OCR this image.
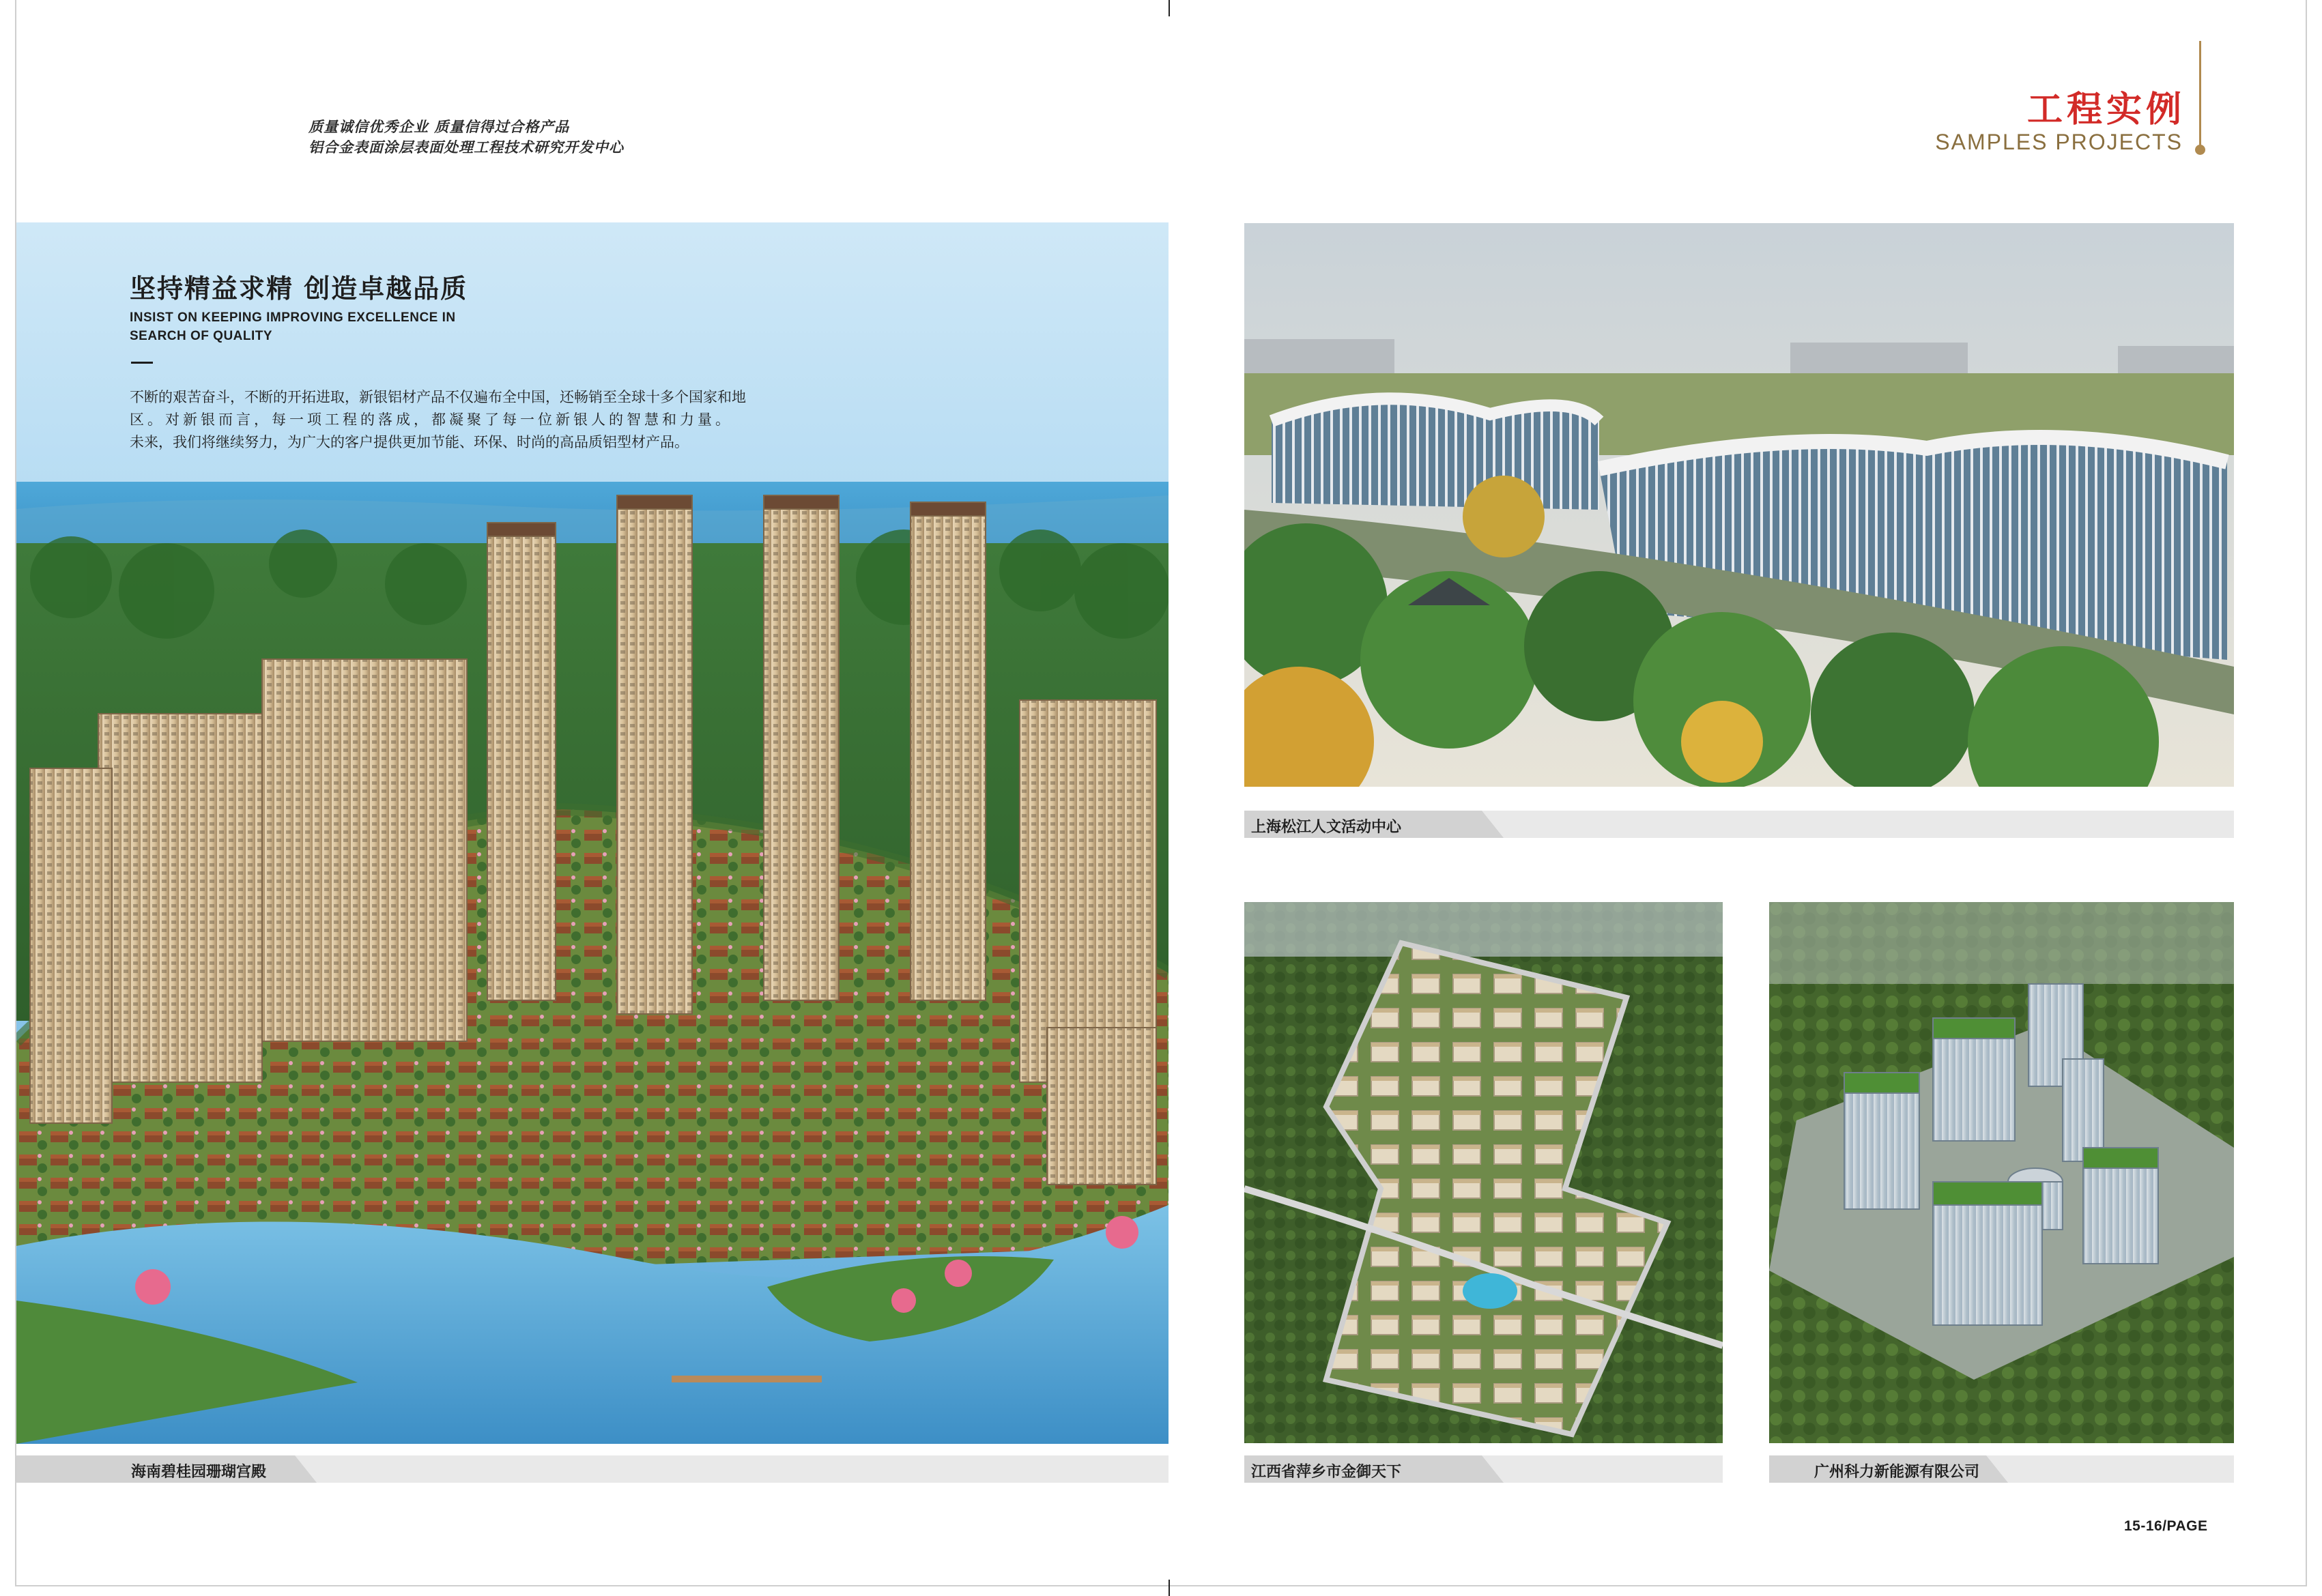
质量诚信优秀企业 质量信得过合格产品
铝合金表面涂层表面处理工程技术研究开发中心
工程实例
SAMPLES PROJECTS
坚持精益求精 创造卓越品质
INSIST ON KEEPING IMPROVING EXCELLENCE IN
SEARCH OF QUALITY

不断的艰苦奋斗，不断的开拓进取，新银铝材产品不仅遍布全中国，还畅销至全球十多个国家和地

区。对新银而言，每一项工程的落成，都凝聚了每一位新银人的智慧和力量。

未来，我们将继续努力，为广大的客户提供更加节能、环保、时尚的高品质铝型材产品。

海南碧桂园珊瑚宫殿
上海松江人文活动中心
江西省萍乡市金御天下	广州科力新能源有限公司
15-16/PAGE
